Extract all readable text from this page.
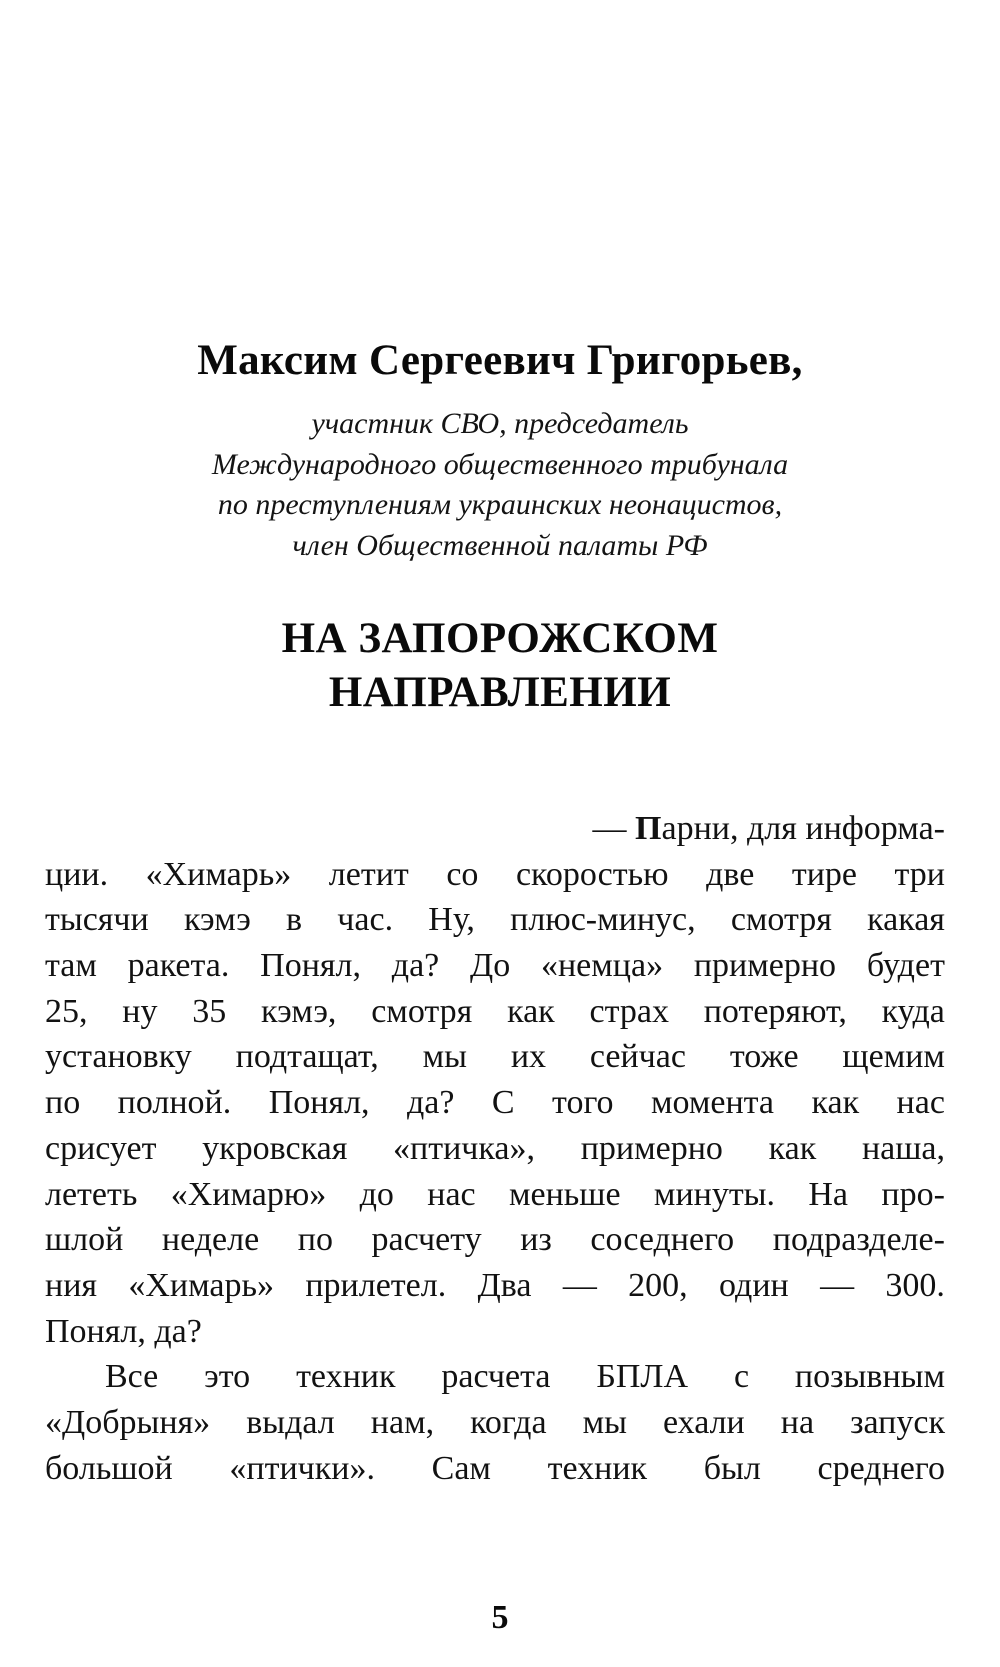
Максим Сергеевич Григорьев,
участник СВО, председатель
Международного общественного трибунала
по преступлениям украинских неонацистов,
член Общественной палаты РФ
НА ЗАПОРОЖСКОМ
НАПРАВЛЕНИИ
—
П арни, для информа-
ции. «Химарь» летит со скоростью две тире три
тысячи кэмэ в час. Ну, плюс-минус, смотря какая
там ракета. Понял, да? До «немца» примерно будет
25, ну 35 кэмэ, смотря как страх потеряют, куда
установку подтащат, мы их сейчас тоже щемим
по полной. Понял, да? С того момента как нас
срисует укровская «птичка», примерно как наша,
лететь «Химарю» до нас меньше минуты. На про-
шлой неделе по расчету из соседнего подразделе-
ния «Химарь» прилетел. Два — 200, один — 300.
Понял, да?
Все это техник расчета БПЛА с позывным
«Добрыня» выдал нам, когда мы ехали на запуск
большой «птички». Сам техник был среднего
5
